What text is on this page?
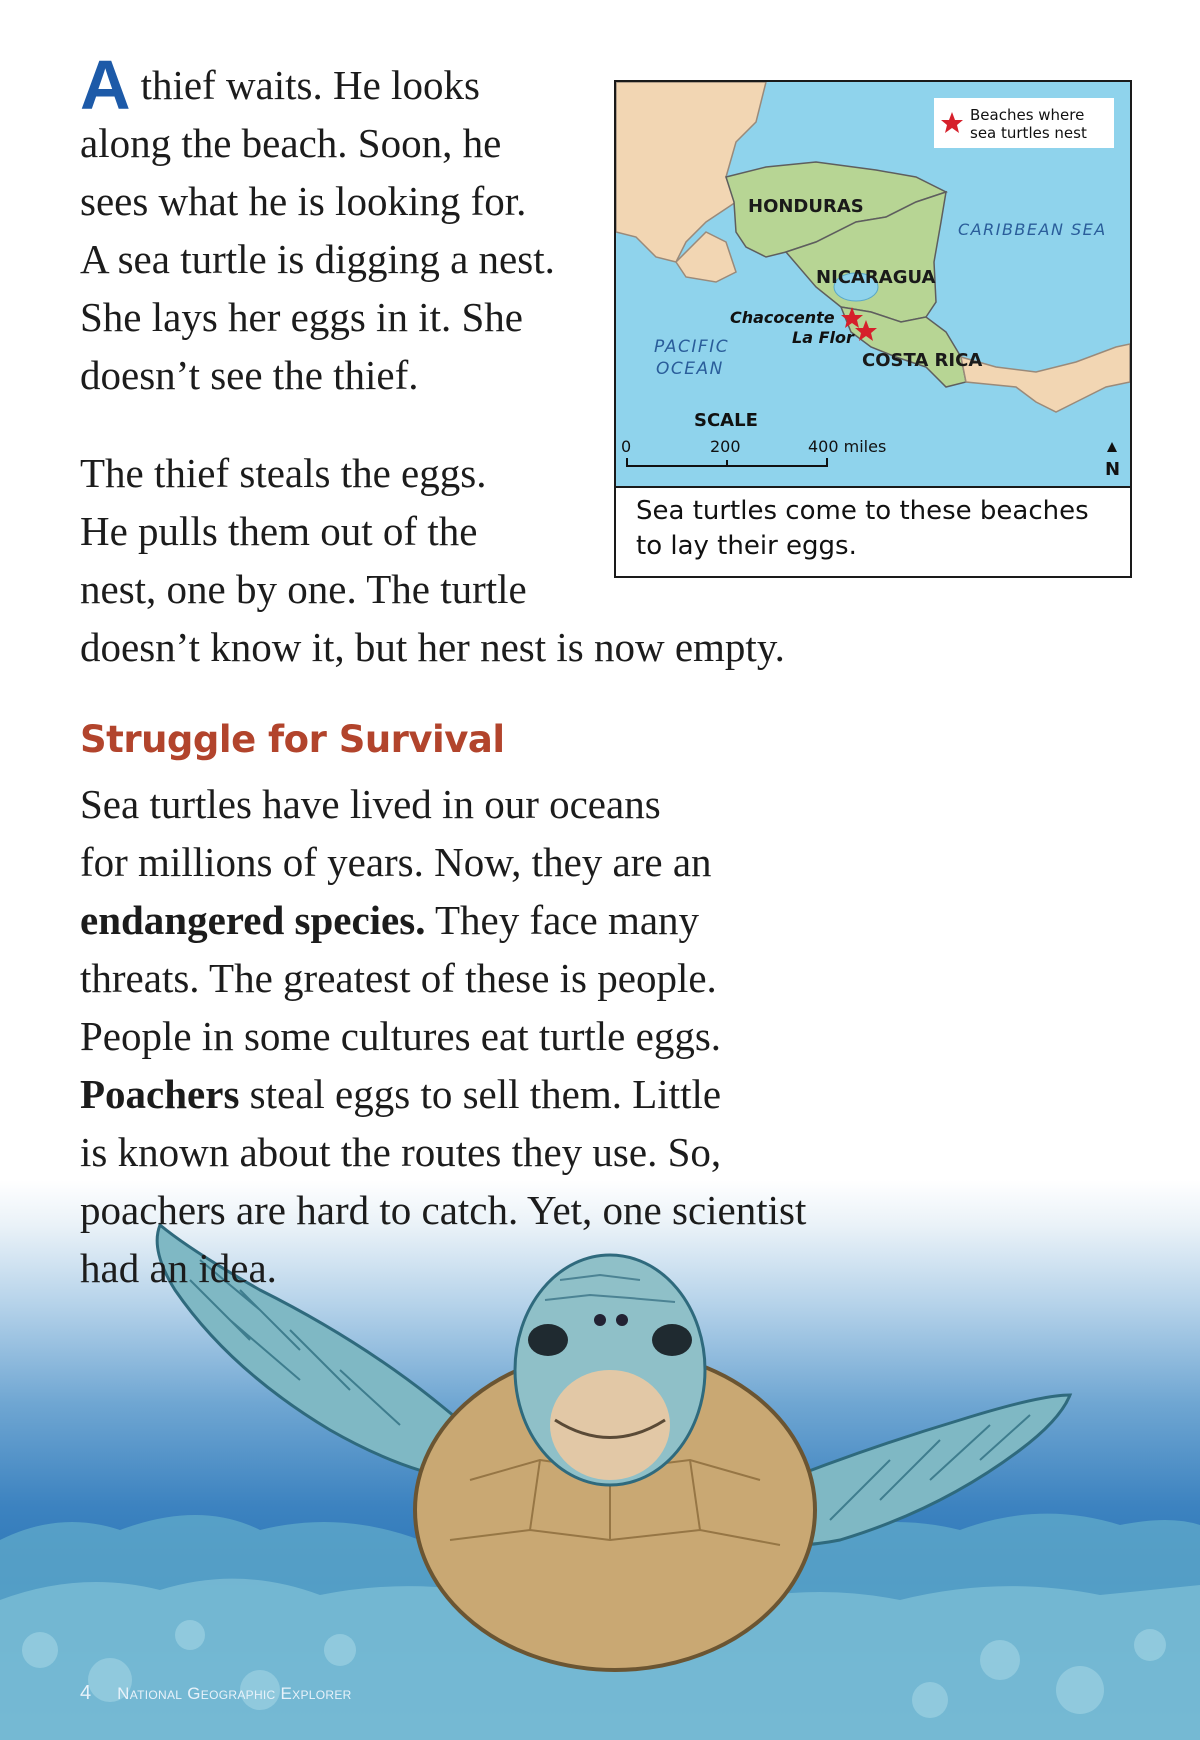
A thief waits. He looks
along the beach. Soon, he
sees what he is looking for.
A sea turtle is digging a nest.
She lays her eggs in it. She
doesn’t see the thief.

The thief steals the eggs.
He pulls them out of the
nest, one by one. The turtle
doesn’t know it, but her nest is now empty.

Struggle for Survival

Sea turtles have lived in our oceans
for millions of years. Now, they are an
endangered species. They face many
threats. The greatest of these is people.
People in some cultures eat turtle eggs.
Poachers steal eggs to sell them. Little
is known about the routes they use. So,
poachers are hard to catch. Yet, one scientist
had an idea.

Beaches where
sea turtles nest
HONDURAS
NICARAGUA
COSTA RICA
CARIBBEAN SEA
PACIFIC
OCEAN
Chacocente
La Flor
SCALE
0	200	400 miles
N

Sea turtles come to these beaches to lay their eggs.

4 National Geographic Explorer
